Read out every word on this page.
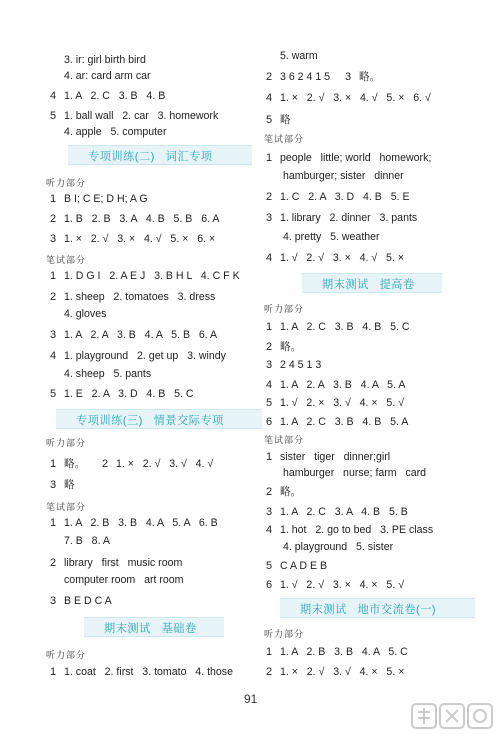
专项训练(二)   词汇专项
专项训练(三)   情景交际专项
期末测试   基础卷
听力部分
笔试部分
听力部分
笔试部分
听力部分
3. ir: girl birth bird
4. ar: card arm car
4 1. A   2. C   3. B   4. B
5 1. ball wall   2. car   3. homework
4. apple   5. computer
1 B I; C E; D H; A G
2 1. B   2. B   3. A   4. B   5. B   6. A
3 1. ×   2. √   3. ×   4. √   5. ×   6. ×
1 1. D G I   2. A E J   3. B H L   4. C F K
2 1. sheep   2. tomatoes   3. dress
4. gloves
3 1. A   2. A   3. B   4. A   5. B   6. A
4 1. playground   2. get up   3. windy
4. sheep   5. pants
5 1. E   2. A   3. D   4. B   5. C
1 略。 2 1. ×   2. √   3. √   4. √
3 略
1 1. A   2. B   3. B   4. A   5. A   6. B
7. B   8. A
2 library   first   music room
computer room   art room
3 B E D C A
1 1. coat   2. first   3. tomato   4. those
期末测试   提高卷
期末测试   地市交流卷(一)
笔试部分
听力部分
笔试部分
听力部分
5. warm
2 3 6 2 4 1 5 3 略。
4 1. ×   2. √   3. ×   4. √   5. ×   6. √
5 略
1 people   little; world   homework;
hamburger; sister   dinner
2 1. C   2. A   3. D   4. B   5. E
3 1. library   2. dinner   3. pants
4. pretty   5. weather
4 1. √   2. √   3. ×   4. √   5. ×
1 1. A   2. C   3. B   4. B   5. C
2 略。
3 2 4 5 1 3
4 1. A   2. A   3. B   4. A   5. A
5 1. √   2. ×   3. √   4. ×   5. √
6 1. A   2. C   3. B   4. B   5. A
1 sister   tiger   dinner;girl
hamburger   nurse; farm   card
2 略。
3 1. A   2. C   3. A   4. B   5. B
4 1. hot   2. go to bed   3. PE class
4. playground   5. sister
5 C A D E B
6 1. √   2. √   3. ×   4. ×   5. √
1 1. A   2. B   3. B   4. A   5. C
2 1. ×   2. √   3. √   4. ×   5. ×
91
